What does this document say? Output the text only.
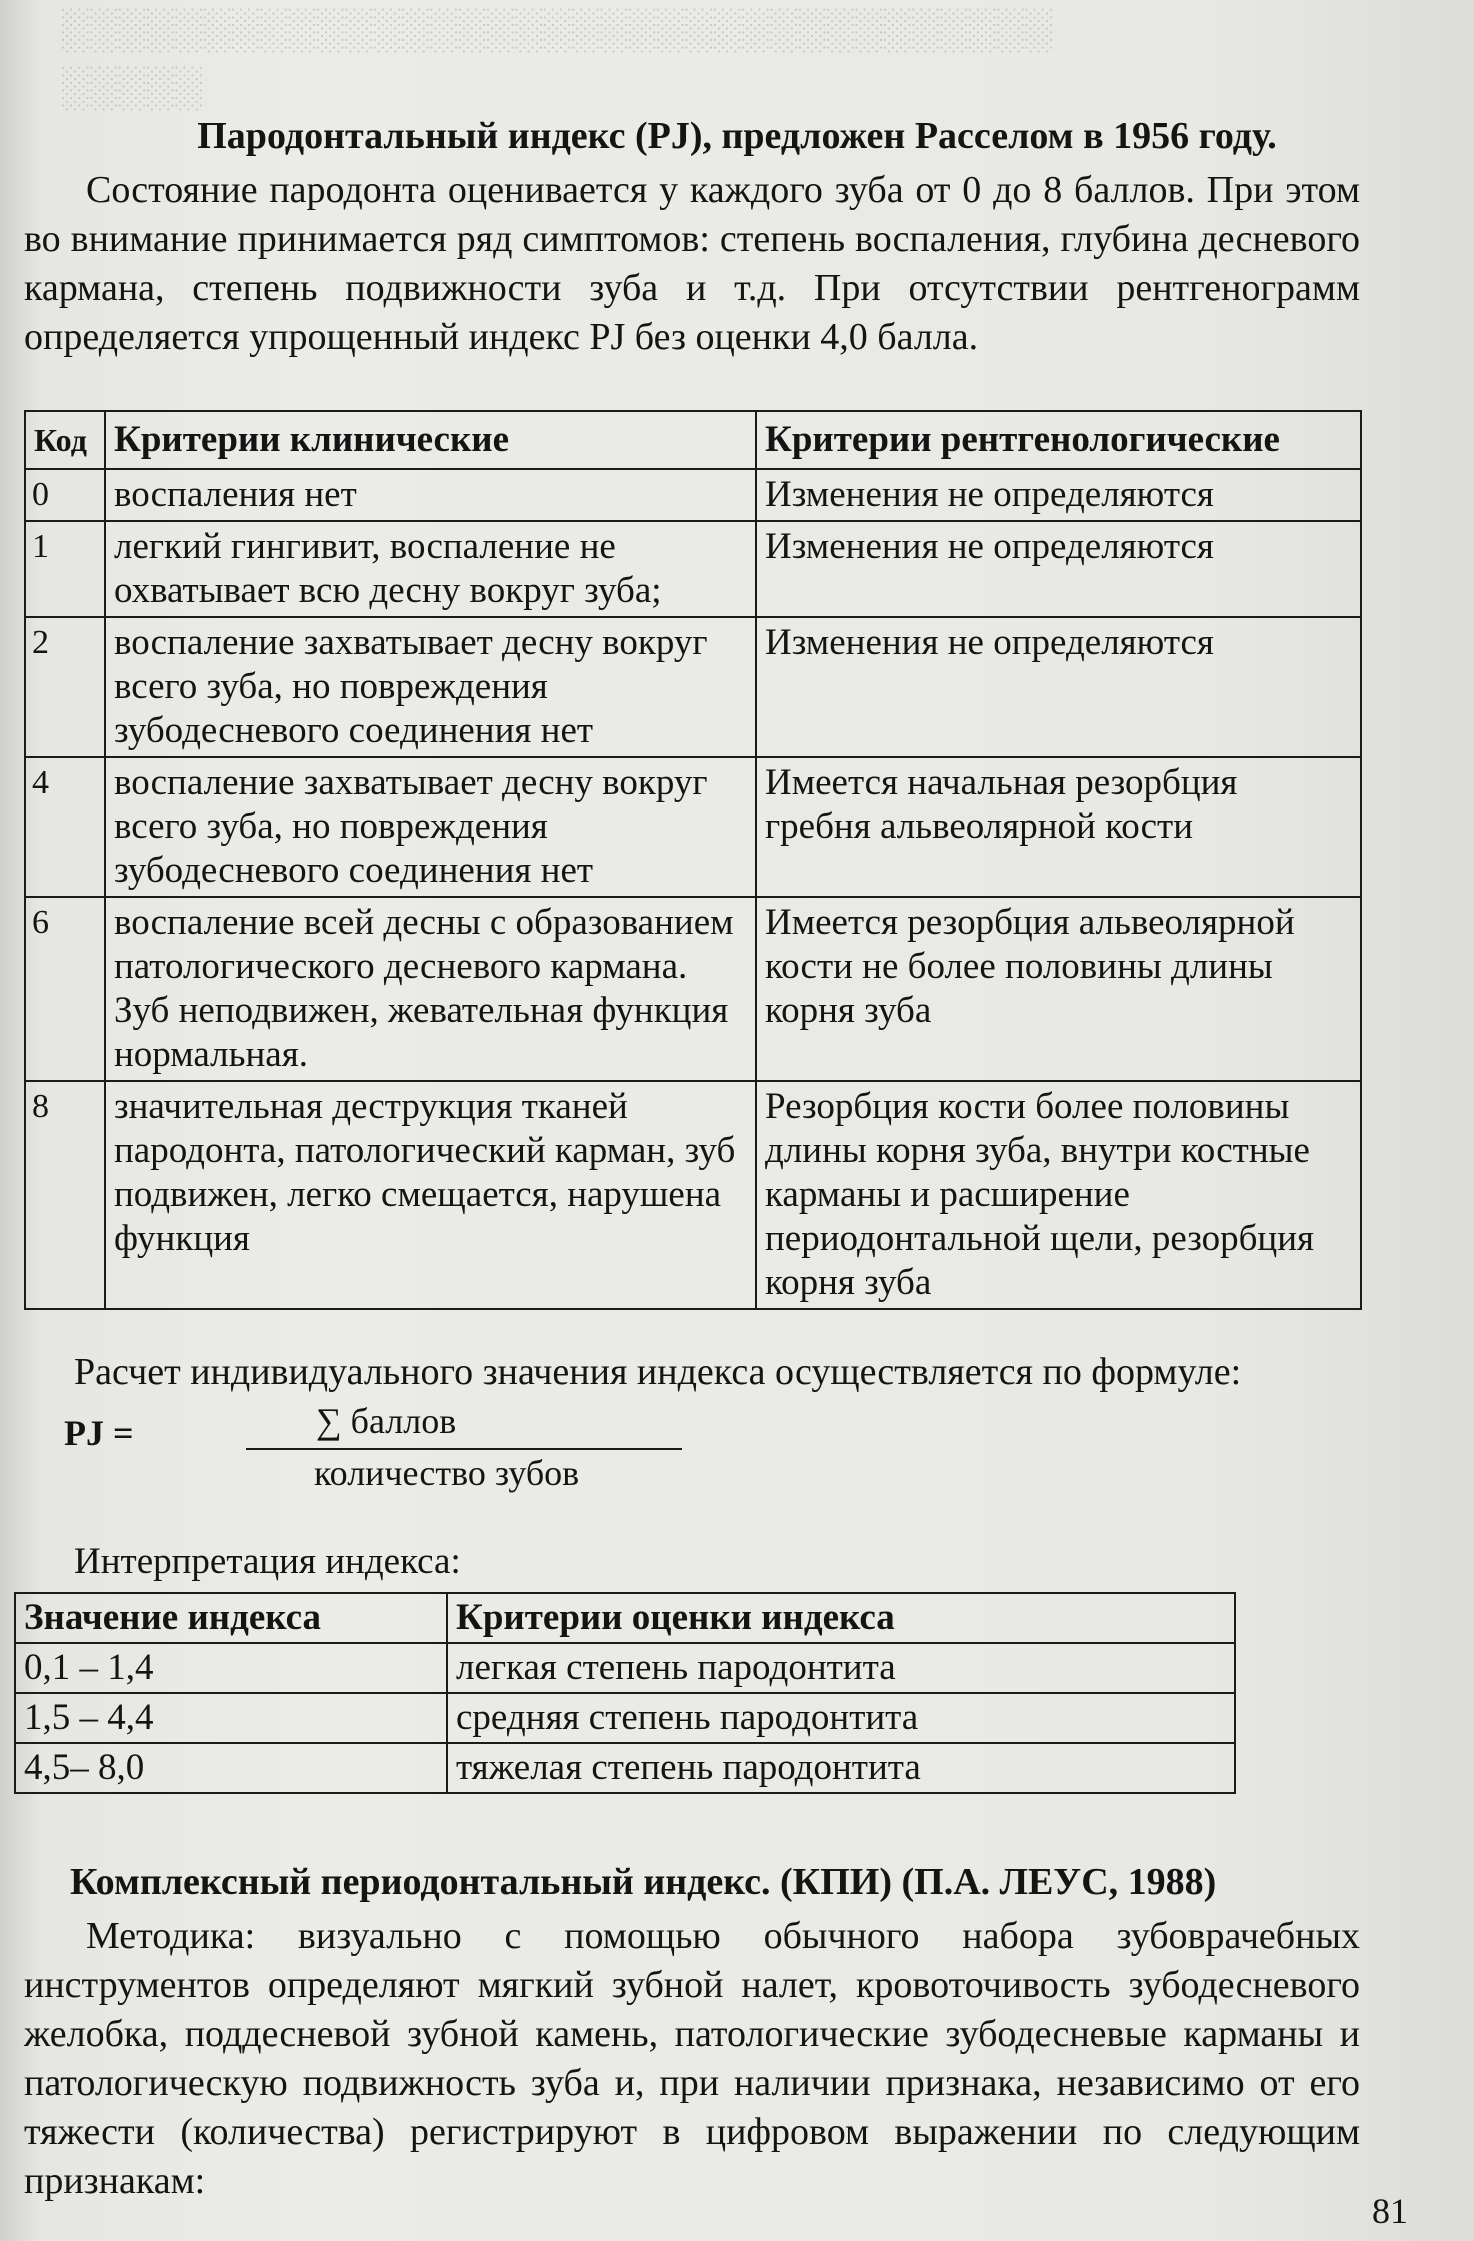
░░░░░░░░░░░░░░░░░░░░░░░░░░░░░░░░░░░
░░░░░
Пародонтальный индекс (PJ), предложен Расселом в 1956 году.
Состояние пародонта оценивается у каждого зуба от 0 до 8 баллов. При этом во внимание принимается ряд симптомов: степень воспаления, глубина десневого кармана, степень подвижности зуба и т.д. При отсутствии рентгенограмм определяется упрощенный индекс PJ без оценки 4,0 балла.
Код	Критерии клинические	Критерии рентгенологические
0	воспаления нет	Изменения не определяются
1	легкий гингивит, воспаление не охватывает всю десну вокруг зуба;	Изменения не определяются
2	воспаление захватывает десну вокруг всего зуба, но повреждения зубодесневого соединения нет	Изменения не определяются
4	воспаление захватывает десну вокруг всего зуба, но повреждения зубодесневого соединения нет	Имеется начальная резорбция гребня альвеолярной кости
6	воспаление всей десны с образованием патологического десневого кармана. Зуб неподвижен, жевательная функция нормальная.	Имеется резорбция альвеолярной кости не более половины длины корня зуба
8	значительная деструкция тканей пародонта, патологический карман, зуб подвижен, легко смещается, нарушена функция	Резорбция кости более половины длины корня зуба, внутри костные карманы и расширение периодонтальной щели, резорбция корня зуба
Расчет индивидуального значения индекса осуществляется по формуле:
PJ =	∑ баллов
количество зубов
Интерпретация индекса:
Значение индекса	Критерии оценки индекса
0,1 – 1,4	легкая степень пародонтита
1,5 – 4,4	средняя степень пародонтита
4,5– 8,0	тяжелая степень пародонтита
Комплексный периодонтальный индекс. (КПИ) (П.А. ЛЕУС, 1988)
Методика: визуально с помощью обычного набора зубоврачебных инструментов определяют мягкий зубной налет, кровоточивость зубодесневого желобка, поддесневой зубной камень, патологические зубодесневые карманы и патологическую подвижность зуба и, при наличии признака, независимо от его тяжести (количества) регистрируют в цифровом выражении по следующим признакам:
81
